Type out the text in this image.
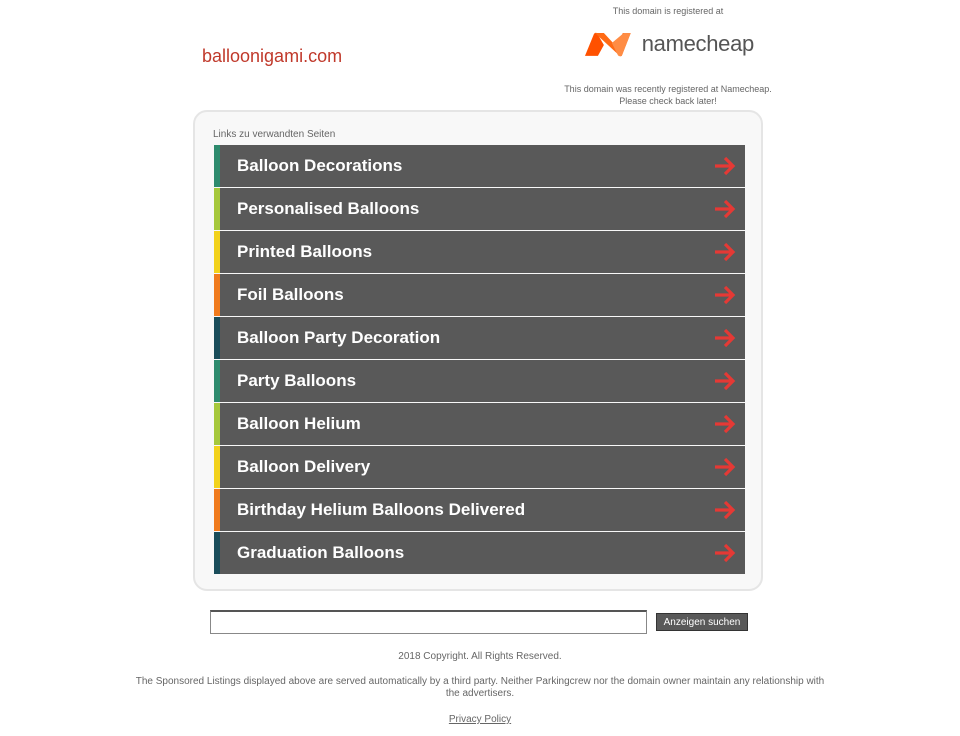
balloonigami.com
This domain is registered at
namecheap
This domain was recently registered at Namecheap.
Please check back later!
Links zu verwandten Seiten
Balloon Decorations
Personalised Balloons
Printed Balloons
Foil Balloons
Balloon Party Decoration
Party Balloons
Balloon Helium
Balloon Delivery
Birthday Helium Balloons Delivered
Graduation Balloons
Anzeigen suchen
2018 Copyright. All Rights Reserved.
The Sponsored Listings displayed above are served automatically by a third party. Neither Parkingcrew nor the domain owner maintain any relationship with the advertisers.
Privacy Policy
